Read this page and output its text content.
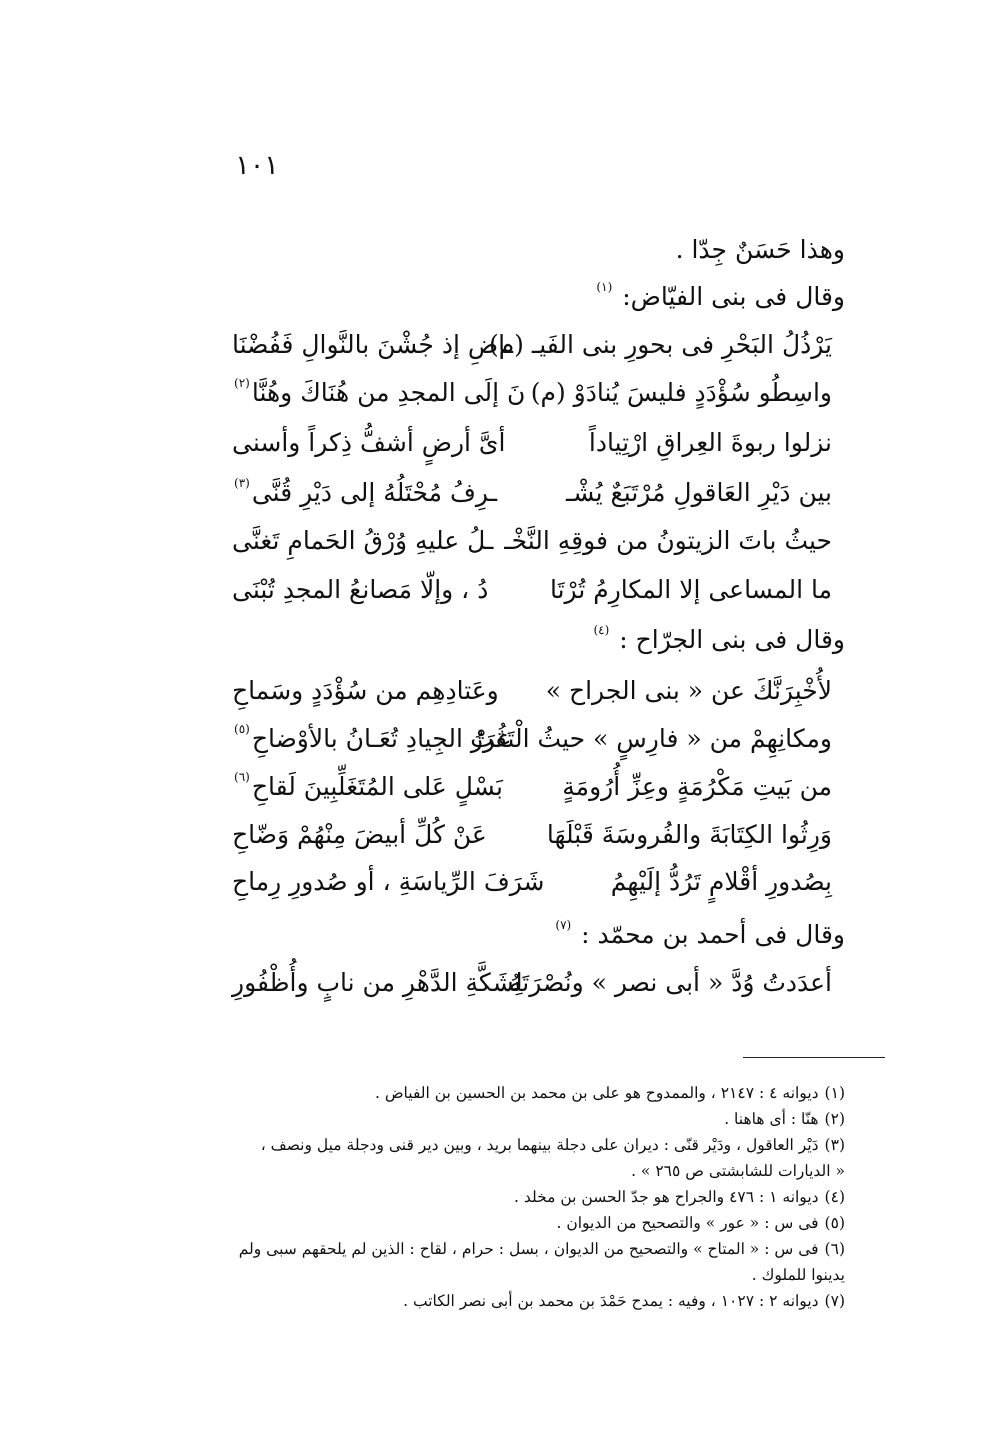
١٠١
وهذا حَسَنٌ جِدّا .
وقال فى بنى الفيّاض: $^{(١)}$
يَرْذُلُ البَحْرِ فى بحورِ بنى الفَيـ (م)
ـاضِ إذ جُشْنَ بالنَّوالِ فَفُضْنَا
واسِطُو سُؤْدَدٍ فليسَ يُنادَوْ (م)
نَ إلَى المجدِ من هُنَاكَ وهُنَّا$^{(٢)}$
نزلوا ربوةَ العِراقِ ارْتِياداً
أىَّ أرضٍ أشفُّ ذِكراً وأسنى
بين دَيْرِ العَاقولِ مُرْتَبَعٌ يُشْـ
ـرِفُ مُحْتَلُهُ إلى دَيْرِ قُنَّى$^{(٣)}$
حيثُ باتَ الزيتونُ من فوقِهِ النَّخْـ
ـلُ عليهِ وُرْقُ الحَمامِ تَغنَّى
ما المساعى إلا المكارِمُ تُرْتَا
دُ ، وإلّا مَصانعُ المجدِ تُبْنَى
وقال فى بنى الجرّاح : $^{(٤)}$
لأُخْبِرَنَّكَ عن « بنى الجراح »
وعَتادِهِم من سُؤْدَدٍ وسَماحِ
ومكانِهِمْ من « فارِسٍ » حيثُ الْتَقتْ
غُرَرُ الجِيادِ تُعَـانُ بالأوْضاحِ$^{(٥)}$
من بَيتِ مَكْرُمَةٍ وعِزِّ أُرُومَةٍ
بَسْلٍ عَلى المُتَغَلِّبِينَ لَقاحِ$^{(٦)}$
وَرِثُوا الكِتَابَةَ والفُروسَةَ قَبْلَهَا
عَنْ كُلِّ أبيضَ مِنْهُمْ وَضّاحِ
بِصُدورِ أقْلامٍ تَرُدُّ إلَيْهِمُ
شَرَفَ الرِّياسَةِ ، أو صُدورِ رِماحِ
وقال فى أحمد بن محمّد : $^{(٧)}$
أعدَدتُ وُدَّ « أبى نصر » ونُصْرَتَهُ
لِشَكَّةِ الدَّهْرِ من نابٍ وأُظْفُورِ
(١)ديوانه ٤ : ٢١٤٧ ، والممدوح هو على بن محمد بن الحسين بن الفياض .
(٢)هنّا : أى هاهنا .
(٣)دَيْر العاقول ، ودَيْر قنّى : ديران على دجلة بينهما بريد ، وبين دير قنى ودجلة ميل ونصف ،
« الديارات للشابشتى ص ٢٦٥ » .
(٤)ديوانه ١ : ٤٧٦ والجراح هو جدّ الحسن بن مخلد .
(٥)فى س : « عور » والتصحيح من الديوان .
(٦)فى س : « المتاح » والتصحيح من الديوان ، بسل : حرام ، لقاح : الذين لم يلحقهم سبى ولم
يدينوا للملوك .
(٧)ديوانه ٢ : ١٠٢٧ ، وفيه : يمدح حَمْدَ بن محمد بن أبى نصر الكاتب .
